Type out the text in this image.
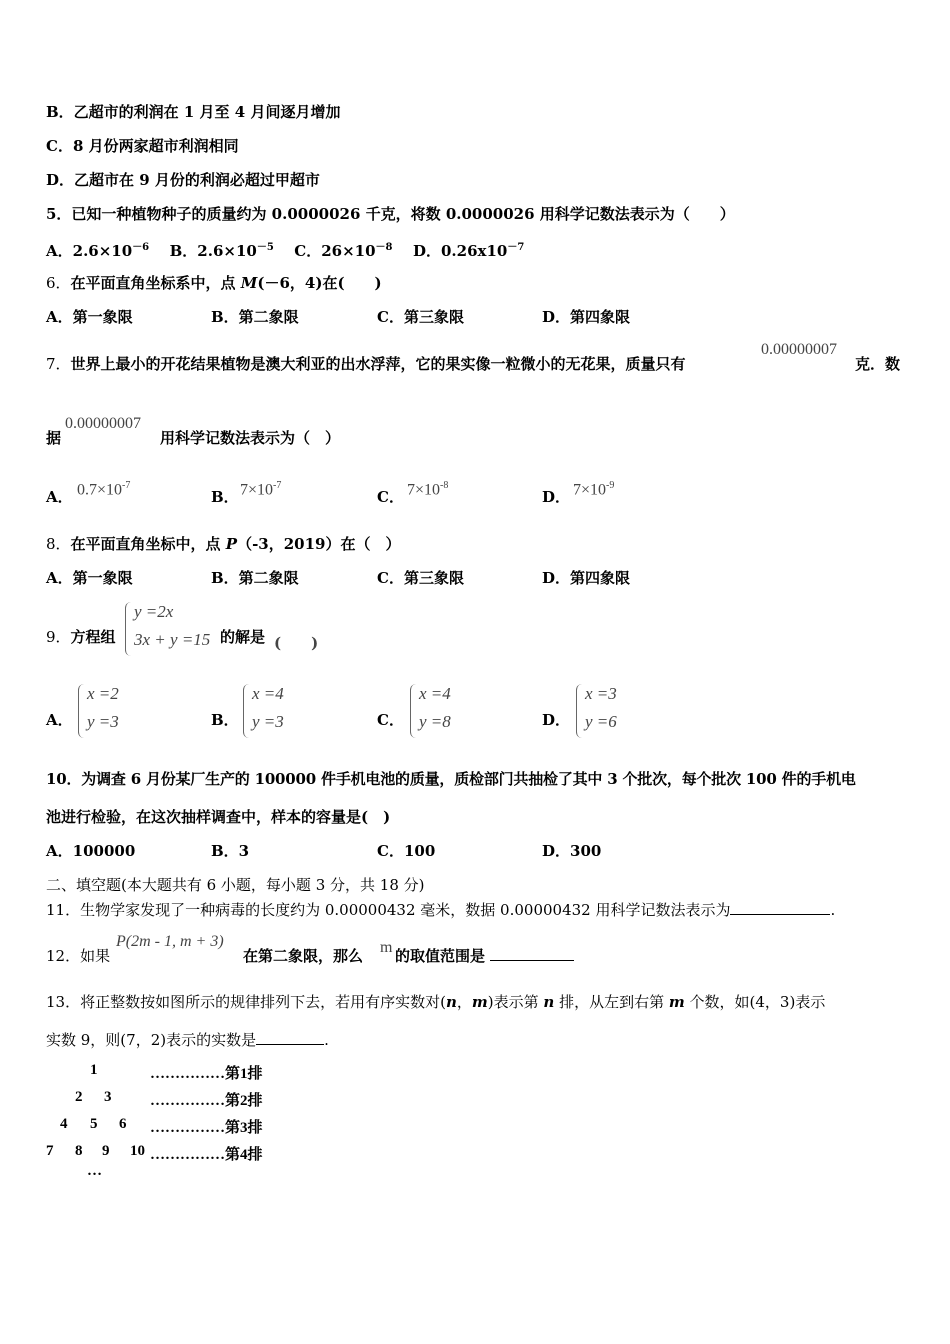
B．乙超市的利润在 1 月至 4 月间逐月增加
C．8 月份两家超市利润相同
D．乙超市在 9 月份的利润必超过甲超市
5．已知一种植物种子的质量约为 0.0000026 千克，将数 0.0000026 用科学记数法表示为（　　）
A．$2.6\times 10^{-6}$ B．$2.6\times 10^{-5}$ C．$26\times 10^{-8}$ D．$0.26x10^{-7}$
6．在平面直角坐标系中，点 M(－6，4)在(　　)
A．第一象限	B．第二象限	C．第三象限	D．第四象限
7．世界上最小的开花结果植物是澳大利亚的出水浮萍，它的果实像一粒微小的无花果，质量只有
0.00000007
克．数
据
0.00000007
用科学记数法表示为（　）
A． $0.7\times 10^{-7}$
B． $7\times 10^{-7}$
C． $7\times 10^{-8}$
D． $7\times 10^{-9}$
8．在平面直角坐标中，点 P（-3，2019）在（　）
A．第一象限	B．第二象限	C．第三象限	D．第四象限
9．方程组
y =2x
3x + y =15 的解是 (　　)
A．
x =2
y =3	B．
x =4
y =3	C．
x =4
y =8	D．
x =3
y =6
10．为调查 6 月份某厂生产的 100000 件手机电池的质量，质检部门共抽检了其中 3 个批次，每个批次 100 件的手机电
池进行检验，在这次抽样调查中，样本的容量是(　)
A．100000	B．3	C．100	D．300
二、填空题(本大题共有 6 小题，每小题 3 分，共 18 分)
11．生物学家发现了一种病毒的长度约为 0.00000432 毫米，数据 0.00000432 用科学记数法表示为	.
12．如果
P(2m - 1, m + 3)
在第二象限，那么 m 的取值范围是
13．将正整数按如图所示的规律排列下去，若用有序实数对(n，m)表示第 n 排，从左到右第 m 个数，如(4，3)表示
实数 9，则(7，2)表示的实数是	.
1	……………第1排
2 3	……………第2排
4 5 6 ……………第3排
7 8 9 10 ……………第4排
…
